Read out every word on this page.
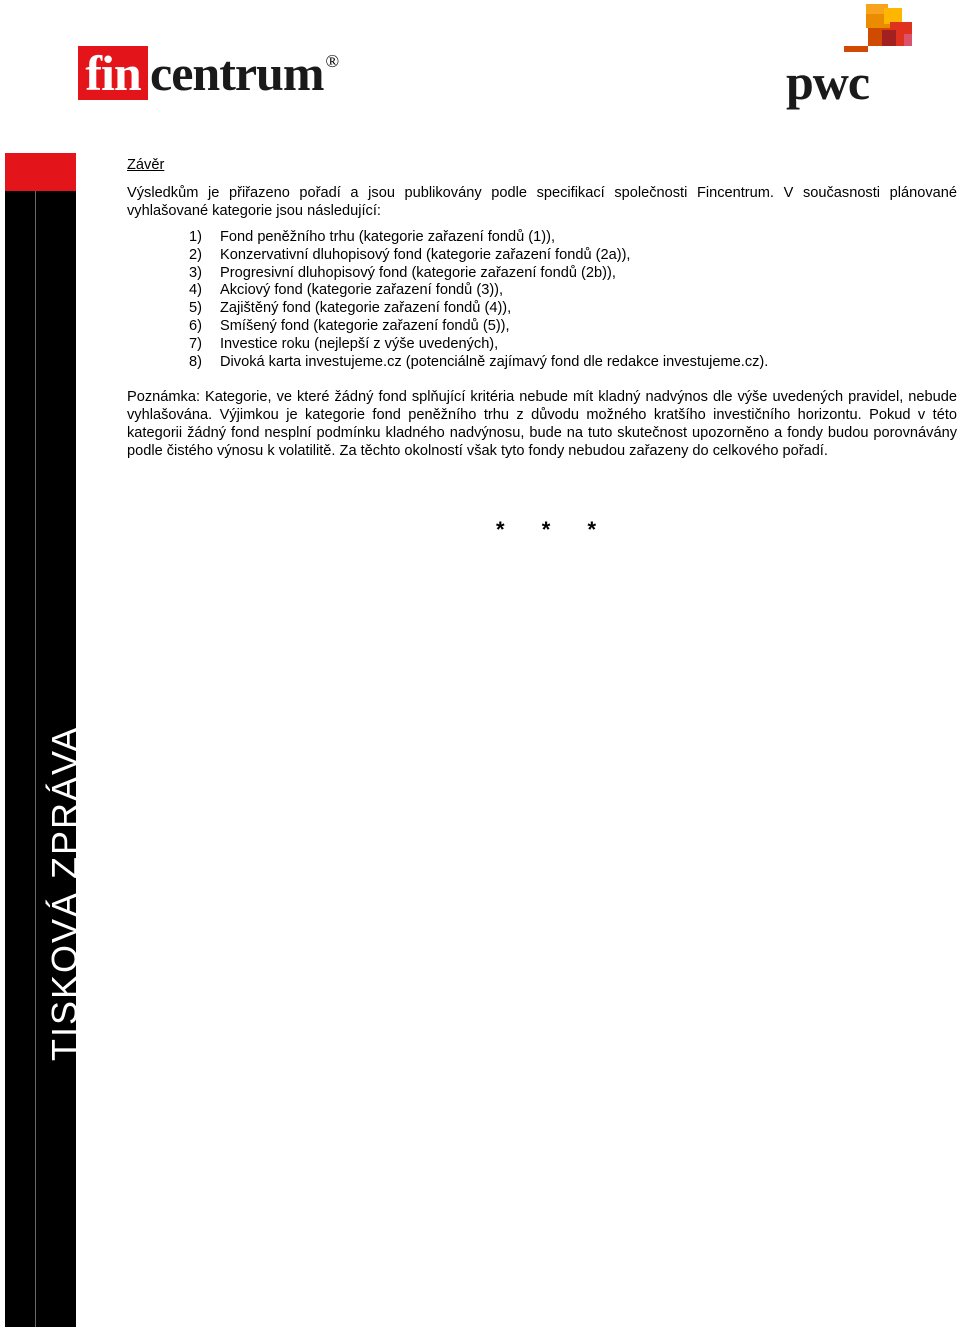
fin centrum ®	pwc
TISKOVÁ ZPRÁVA
Závěr

Výsledkům je přiřazeno pořadí a jsou publikovány podle specifikací společnosti Fincentrum. V současnosti plánované vyhlašované kategorie jsou následující:

1)	Fond peněžního trhu (kategorie zařazení fondů (1)),
2)	Konzervativní dluhopisový fond (kategorie zařazení fondů (2a)),
3)	Progresivní dluhopisový fond (kategorie zařazení fondů (2b)),
4)	Akciový fond (kategorie zařazení fondů (3)),
5)	Zajištěný fond (kategorie zařazení fondů (4)),
6)	Smíšený fond (kategorie zařazení fondů (5)),
7)	Investice roku (nejlepší z výše uvedených),
8)	Divoká karta investujeme.cz (potenciálně zajímavý fond dle redakce investujeme.cz).

Poznámka: Kategorie, ve které žádný fond splňující kritéria nebude mít kladný nadvýnos dle výše uvedených pravidel, nebude vyhlašována. Výjimkou je kategorie fond peněžního trhu z důvodu možného kratšího investičního horizontu. Pokud v této kategorii žádný fond nesplní podmínku kladného nadvýnosu, bude na tuto skutečnost upozorněno a fondy budou porovnávány podle čistého výnosu k volatilitě. Za těchto okolností však tyto fondy nebudou zařazeny do celkového pořadí.

* * *
